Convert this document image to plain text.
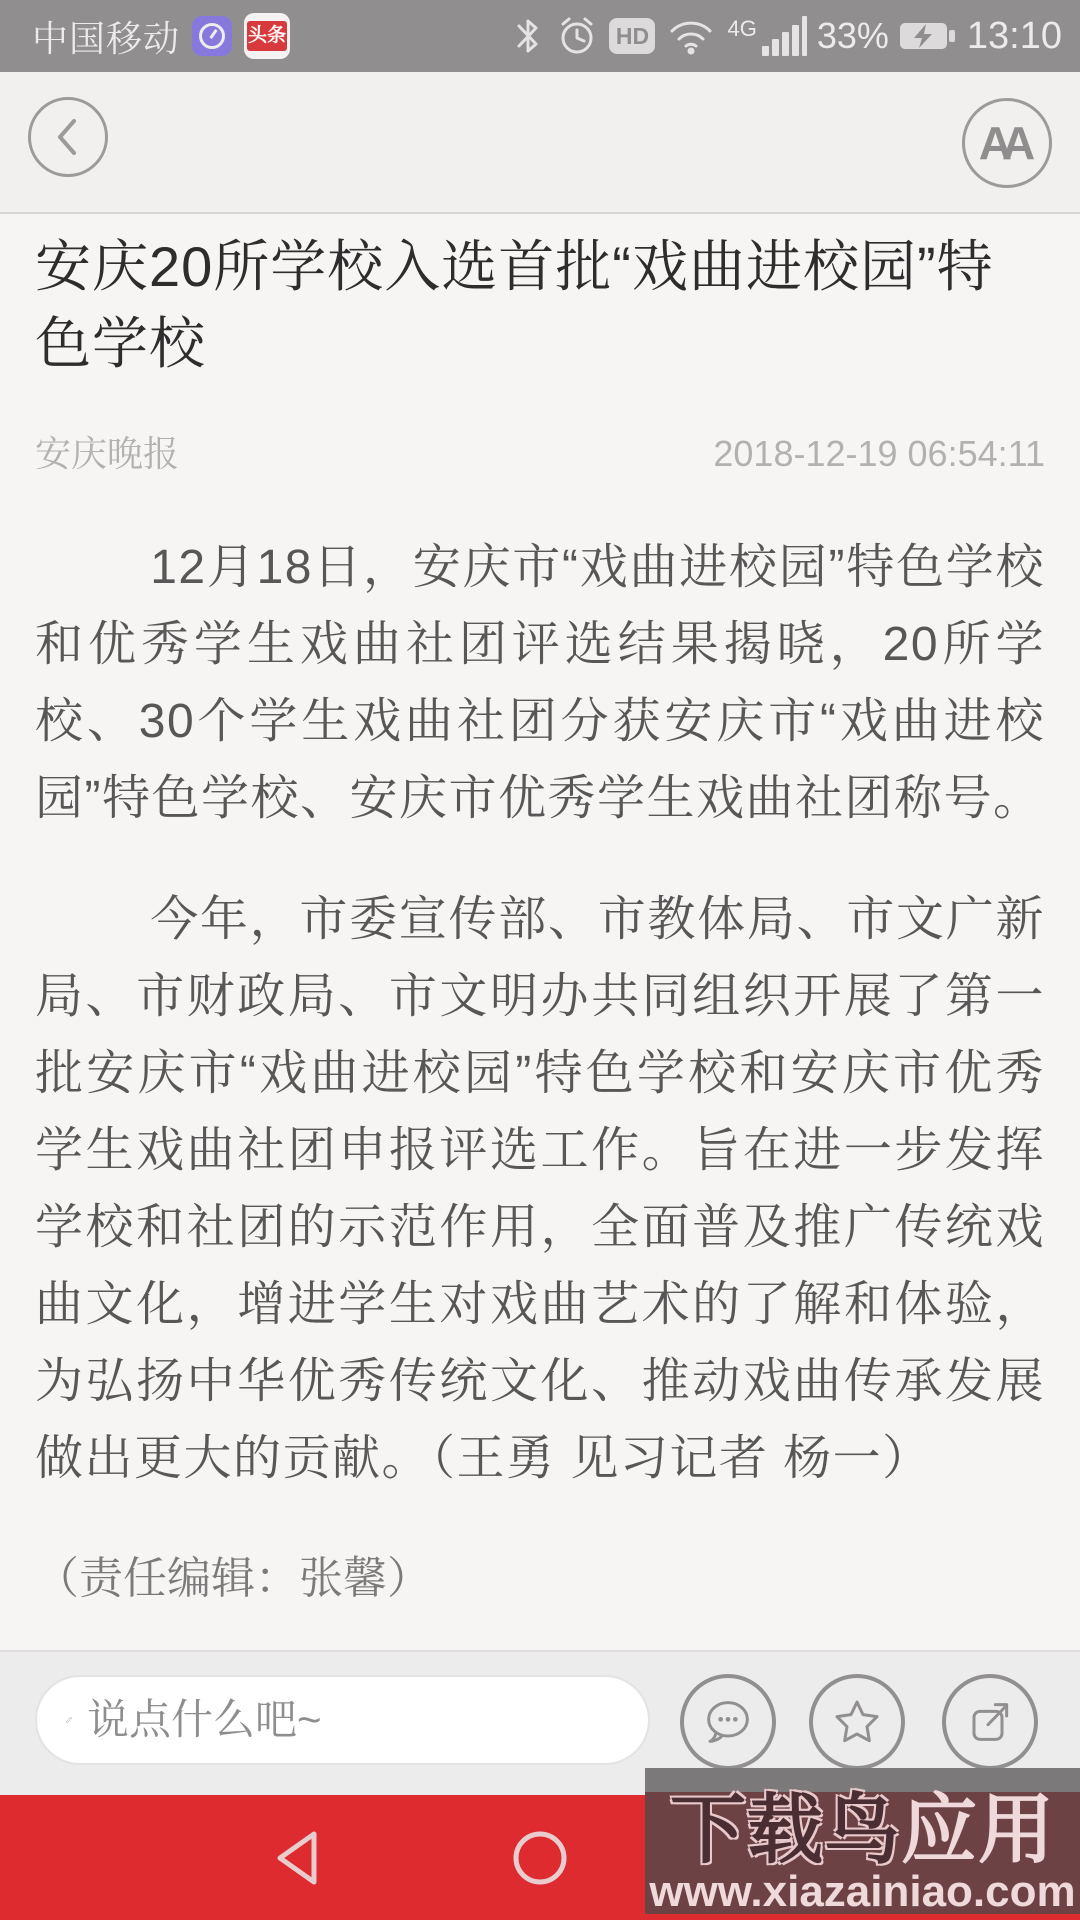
中国移动	头条	HD	4G 33% 13:10
AA
安庆20所学校入选首批“戏曲进校园”特色学校
安庆晚报	2018-12-19 06:54:11

12月18日，安庆市“戏曲进校园”特色学校和优秀学生戏曲社团评选结果揭晓，20所学校、30个学生戏曲社团分获安庆市“戏曲进校园”特色学校、安庆市优秀学生戏曲社团称号。

今年，市委宣传部、市教体局、市文广新局、市财政局、市文明办共同组织开展了第一批安庆市“戏曲进校园”特色学校和安庆市优秀学生戏曲社团申报评选工作。旨在进一步发挥学校和社团的示范作用，全面普及推广传统戏曲文化，增进学生对戏曲艺术的了解和体验，为弘扬中华优秀传统文化、推动戏曲传承发展做出更大的贡献。（王勇 见习记者 杨一）

（责任编辑：张馨）

说点什么吧~
下载鸟应用
www.xiazainiao.com
